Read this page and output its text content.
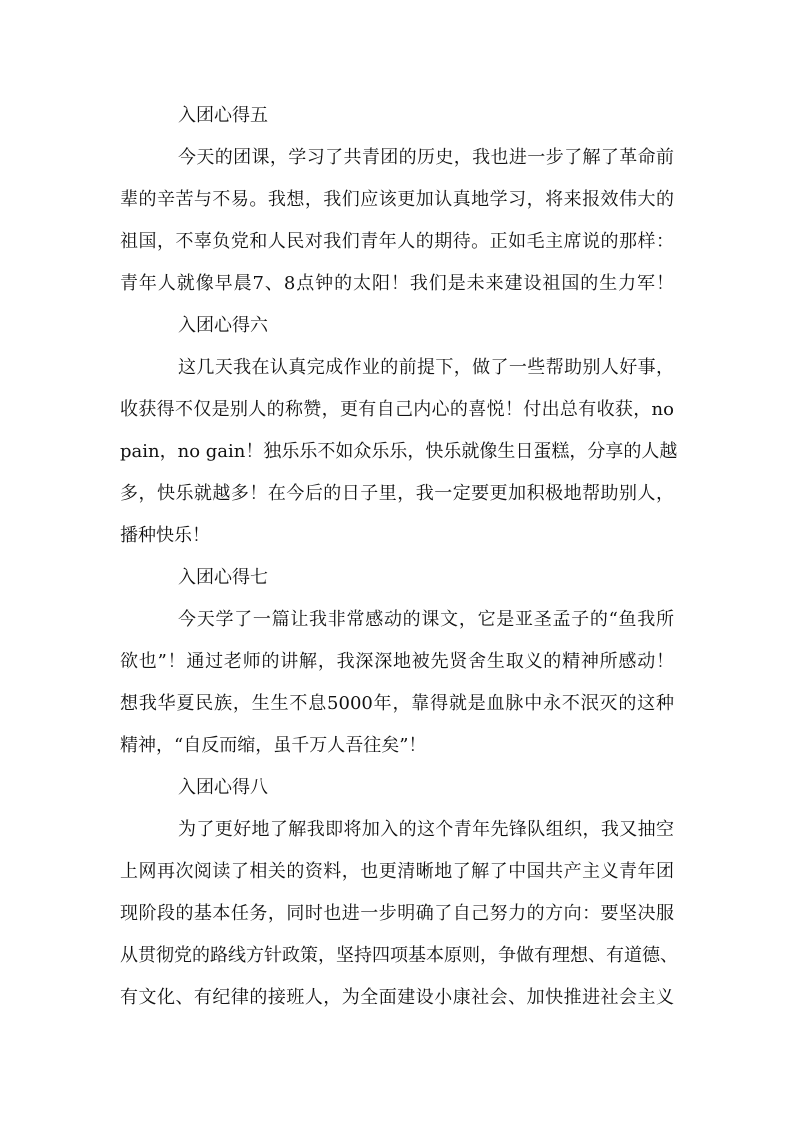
入团心得五
今天的团课，学习了共青团的历史，我也进一步了解了革命前
辈的辛苦与不易。我想，我们应该更加认真地学习，将来报效伟大的
祖国，不辜负党和人民对我们青年人的期待。正如毛主席说的那样：
青年人就像早晨7、8点钟的太阳！我们是未来建设祖国的生力军！
入团心得六
这几天我在认真完成作业的前提下，做了一些帮助别人好事，
收获得不仅是别人的称赞，更有自己内心的喜悦！付出总有收获，no
pain，no gain！独乐乐不如众乐乐，快乐就像生日蛋糕，分享的人越
多，快乐就越多！在今后的日子里，我一定要更加积极地帮助别人，
播种快乐！
入团心得七
今天学了一篇让我非常感动的课文，它是亚圣孟子的“鱼我所
欲也”！通过老师的讲解，我深深地被先贤舍生取义的精神所感动！
想我华夏民族，生生不息5000年，靠得就是血脉中永不泯灭的这种
精神，“自反而缩，虽千万人吾往矣”！
入团心得八
为了更好地了解我即将加入的这个青年先锋队组织，我又抽空
上网再次阅读了相关的资料，也更清晰地了解了中国共产主义青年团
现阶段的基本任务，同时也进一步明确了自己努力的方向：要坚决服
从贯彻党的路线方针政策，坚持四项基本原则，争做有理想、有道德、
有文化、有纪律的接班人，为全面建设小康社会、加快推进社会主义
